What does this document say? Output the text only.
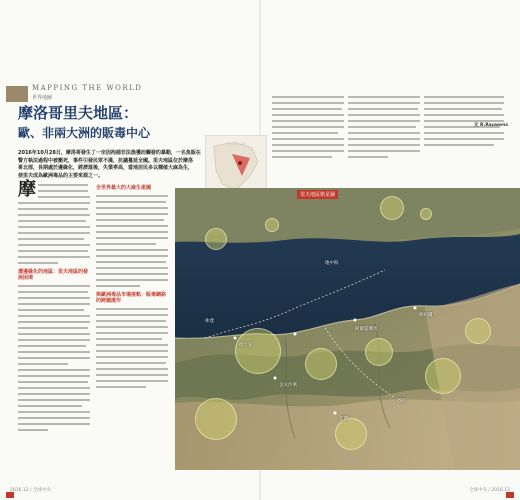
MAPPING THE WORLD
世界地圖
摩洛哥里夫地區：
歐、非兩大洲的販毒中心
2016年10月28日，摩洛哥發生了一宗因拘捕非法漁獲而觸發的暴動，一名魚販在
警方執法過程中被壓死，事件引發民眾不滿，抗議蔓延全國。里夫地區位於摩洛
哥北部，長期處於邊緣化，經濟落後，失業率高，當地居民多以種植大麻為生，
使里夫成為歐洲毒品的主要來源之一。
摩
遭邊緣化的地區：里夫地區的發展困境
全世界最大的大麻生產國
與歐洲毒品市場接軌：販毒網絡的跨國運作
文 R.Rauwens
里夫地區衛星圖
地中海
阿爾霍賽馬
納祖爾
德土安
舍夫沙萬
非斯
塔扎
休達
2016.12 / 全球中央	全球中央 / 2016.12
